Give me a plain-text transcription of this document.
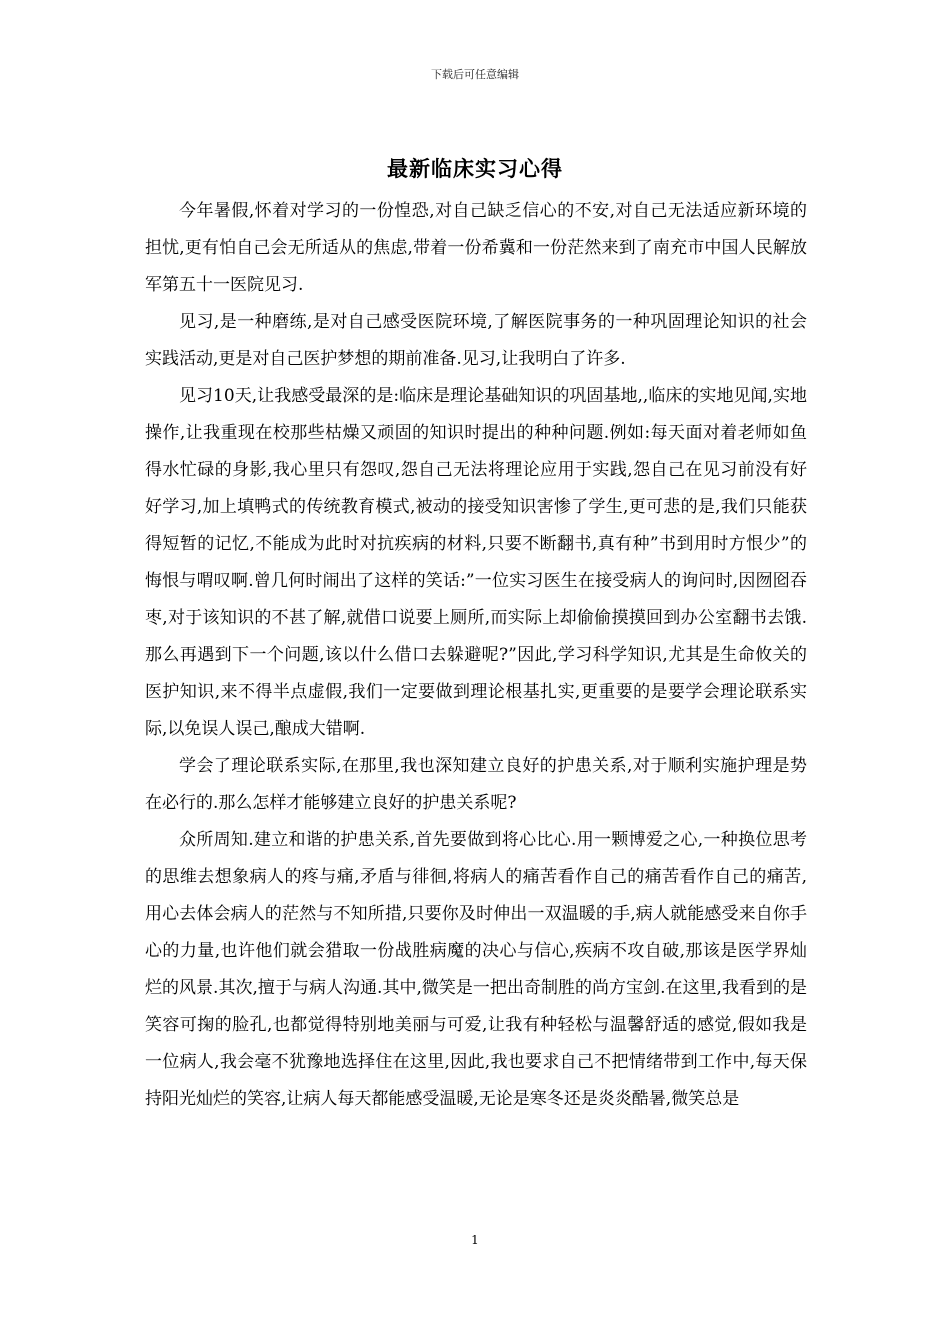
下载后可任意编辑
最新临床实习心得

今年暑假,怀着对学习的一份惶恐,对自己缺乏信心的不安,对自己无法适应新环境的担忧,更有怕自己会无所适从的焦虑,带着一份希冀和一份茫然来到了南充市中国人民解放军第五十一医院见习.

见习,是一种磨练,是对自己感受医院环境,了解医院事务的一种巩固理论知识的社会实践活动,更是对自己医护梦想的期前准备.见习,让我明白了许多.

见习10天,让我感受最深的是:临床是理论基础知识的巩固基地,,临床的实地见闻,实地操作,让我重现在校那些枯燥又顽固的知识时提出的种种问题.例如:每天面对着老师如鱼得水忙碌的身影,我心里只有怨叹,怨自己无法将理论应用于实践,怨自己在见习前没有好好学习,加上填鸭式的传统教育模式,被动的接受知识害惨了学生,更可悲的是,我们只能获得短暂的记忆,不能成为此时对抗疾病的材料,只要不断翻书,真有种”书到用时方恨少”的悔恨与喟叹啊.曾几何时闹出了这样的笑话:”一位实习医生在接受病人的询问时,因囫囵吞枣,对于该知识的不甚了解,就借口说要上厕所,而实际上却偷偷摸摸回到办公室翻书去饿.那么再遇到下一个问题,该以什么借口去躲避呢?”因此,学习科学知识,尤其是生命攸关的医护知识,来不得半点虚假,我们一定要做到理论根基扎实,更重要的是要学会理论联系实际,以免误人误己,酿成大错啊.

学会了理论联系实际,在那里,我也深知建立良好的护患关系,对于顺利实施护理是势在必行的.那么怎样才能够建立良好的护患关系呢?

众所周知.建立和谐的护患关系,首先要做到将心比心.用一颗博爱之心,一种换位思考的思维去想象病人的疼与痛,矛盾与徘徊,将病人的痛苦看作自己的痛苦看作自己的痛苦,用心去体会病人的茫然与不知所措,只要你及时伸出一双温暖的手,病人就能感受来自你手心的力量,也许他们就会猎取一份战胜病魔的决心与信心,疾病不攻自破,那该是医学界灿烂的风景.其次,擅于与病人沟通.其中,微笑是一把出奇制胜的尚方宝剑.在这里,我看到的是笑容可掬的脸孔,也都觉得特别地美丽与可爱,让我有种轻松与温馨舒适的感觉,假如我是一位病人,我会毫不犹豫地选择住在这里,因此,我也要求自己不把情绪带到工作中,每天保持阳光灿烂的笑容,让病人每天都能感受温暖,无论是寒冬还是炎炎酷暑,微笑总是

1
